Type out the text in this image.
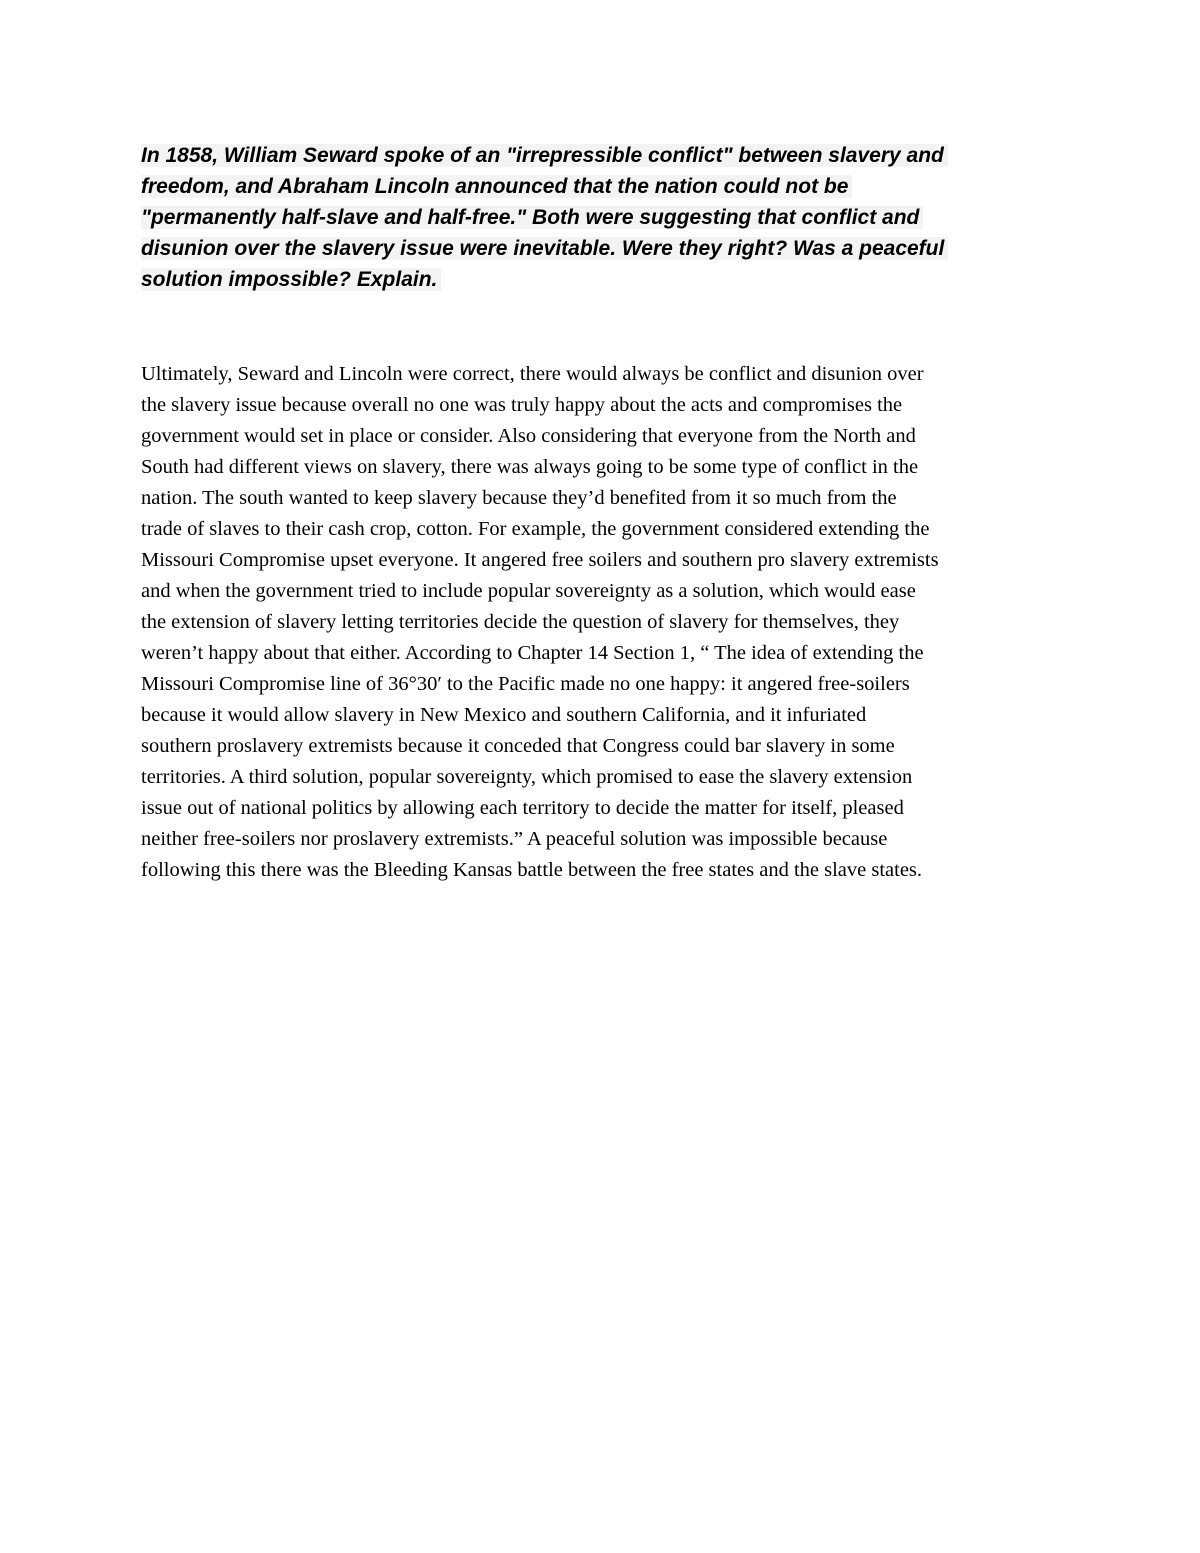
In 1858, William Seward spoke of an "irrepressible conflict" between slavery and
freedom, and Abraham Lincoln announced that the nation could not be
"permanently half-slave and half-free." Both were suggesting that conflict and
disunion over the slavery issue were inevitable. Were they right? Was a peaceful
solution impossible? Explain.
Ultimately, Seward and Lincoln were correct, there would always be conflict and disunion over
the slavery issue because overall no one was truly happy about the acts and compromises the
government would set in place or consider. Also considering that everyone from the North and
South had different views on slavery, there was always going to be some type of conflict in the
nation. The south wanted to keep slavery because they’d benefited from it so much from the
trade of slaves to their cash crop, cotton. For example, the government considered extending the
Missouri Compromise upset everyone. It angered free soilers and southern pro slavery extremists
and when the government tried to include popular sovereignty as a solution, which would ease
the extension of slavery letting territories decide the question of slavery for themselves, they
weren’t happy about that either. According to Chapter 14 Section 1, “ The idea of extending the
Missouri Compromise line of 36°30′ to the Pacific made no one happy: it angered free-soilers
because it would allow slavery in New Mexico and southern California, and it infuriated
southern proslavery extremists because it conceded that Congress could bar slavery in some
territories. A third solution, popular sovereignty, which promised to ease the slavery extension
issue out of national politics by allowing each territory to decide the matter for itself, pleased
neither free-soilers nor proslavery extremists.” A peaceful solution was impossible because
following this there was the Bleeding Kansas battle between the free states and the slave states.
